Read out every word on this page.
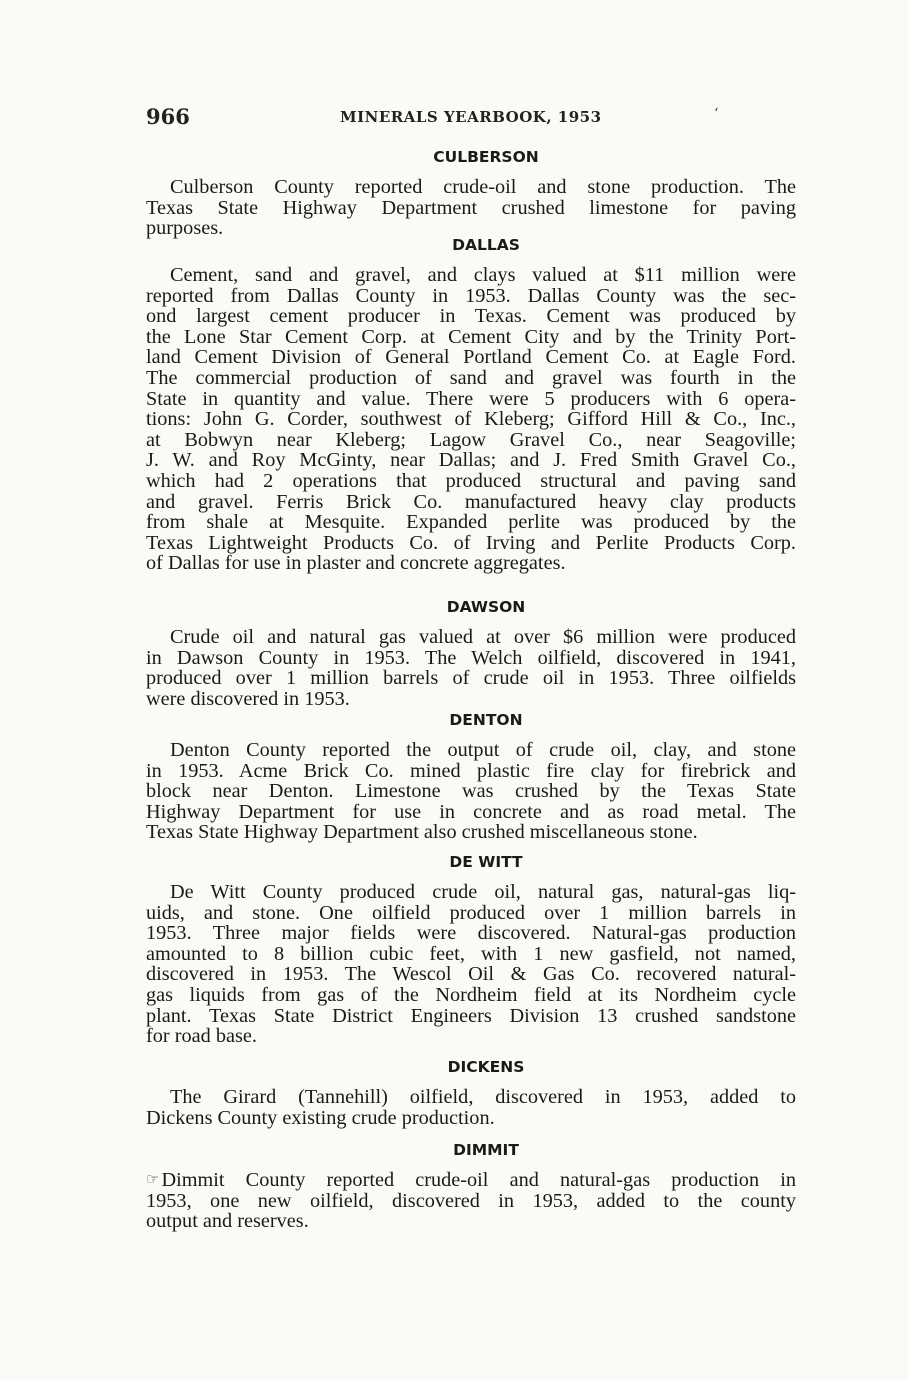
966	MINERALS YEARBOOK, 1953	‘
CULBERSON

Culberson County reported crude-oil and stone production. The
Texas State Highway Department crushed limestone for paving
purposes.

DALLAS

Cement, sand and gravel, and clays valued at $11 million were
reported from Dallas County in 1953. Dallas County was the sec-
ond largest cement producer in Texas. Cement was produced by
the Lone Star Cement Corp. at Cement City and by the Trinity Port-
land Cement Division of General Portland Cement Co. at Eagle Ford.
The commercial production of sand and gravel was fourth in the
State in quantity and value. There were 5 producers with 6 opera-
tions: John G. Corder, southwest of Kleberg; Gifford Hill & Co., Inc.,
at Bobwyn near Kleberg; Lagow Gravel Co., near Seagoville;
J. W. and Roy McGinty, near Dallas; and J. Fred Smith Gravel Co.,
which had 2 operations that produced structural and paving sand
and gravel. Ferris Brick Co. manufactured heavy clay products
from shale at Mesquite. Expanded perlite was produced by the
Texas Lightweight Products Co. of Irving and Perlite Products Corp.
of Dallas for use in plaster and concrete aggregates.

DAWSON

Crude oil and natural gas valued at over $6 million were produced
in Dawson County in 1953. The Welch oilfield, discovered in 1941,
produced over 1 million barrels of crude oil in 1953. Three oilfields
were discovered in 1953.

DENTON

Denton County reported the output of crude oil, clay, and stone
in 1953. Acme Brick Co. mined plastic fire clay for firebrick and
block near Denton. Limestone was crushed by the Texas State
Highway Department for use in concrete and as road metal. The
Texas State Highway Department also crushed miscellaneous stone.

DE WITT

De Witt County produced crude oil, natural gas, natural-gas liq-
uids, and stone. One oilfield produced over 1 million barrels in
1953. Three major fields were discovered. Natural-gas production
amounted to 8 billion cubic feet, with 1 new gasfield, not named,
discovered in 1953. The Wescol Oil & Gas Co. recovered natural-
gas liquids from gas of the Nordheim field at its Nordheim cycle
plant. Texas State District Engineers Division 13 crushed sandstone
for road base.

DICKENS

The Girard (Tannehill) oilfield, discovered in 1953, added to
Dickens County existing crude production.

DIMMIT

☞Dimmit County reported crude-oil and natural-gas production in
1953, one new oilfield, discovered in 1953, added to the county
output and reserves.
